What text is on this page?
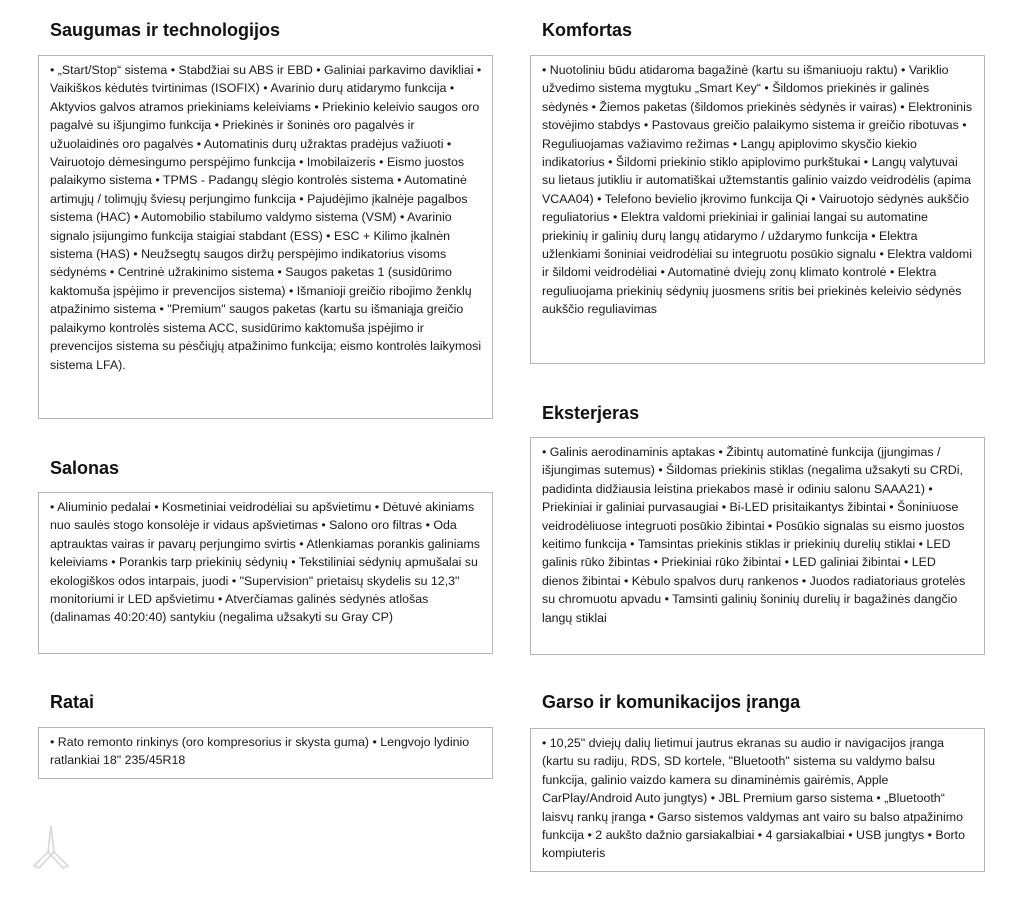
Saugumas ir technologijos
• „Start/Stop“ sistema • Stabdžiai su ABS ir EBD • Galiniai parkavimo davikliai • Vaikiškos kėdutės tvirtinimas (ISOFIX) • Avarinio durų atidarymo funkcija • Aktyvios galvos atramos priekiniams keleiviams • Priekinio keleivio saugos oro pagalvė su išjungimo funkcija • Priekinės ir šoninės oro pagalvės ir užuolaidinės oro pagalvės • Automatinis durų užraktas pradėjus važiuoti • Vairuotojo dėmesingumo perspėjimo funkcija • Imobilaizeris • Eismo juostos palaikymo sistema • TPMS - Padangų slėgio kontrolės sistema • Automatinė artimųjų / tolimųjų šviesų perjungimo funkcija • Pajudėjimo įkalnėje pagalbos sistema (HAC) • Automobilio stabilumo valdymo sistema (VSM) • Avarinio signalo įsijungimo funkcija staigiai stabdant (ESS) • ESC + Kilimo įkalnėn sistema (HAS) • Neužsegtų saugos diržų perspėjimo indikatorius visoms sėdynėms • Centrinė užrakinimo sistema • Saugos paketas 1 (susidūrimo kaktomuša įspėjimo ir prevencijos sistema) • Išmanioji greičio ribojimo ženklų atpažinimo sistema • "Premium" saugos paketas (kartu su išmaniąja greičio palaikymo kontrolės sistema ACC, susidūrimo kaktomuša įspėjimo ir prevencijos sistema su pėsčiųjų atpažinimo funkcija; eismo kontrolės laikymosi sistema LFA).
Komfortas
• Nuotoliniu būdu atidaroma bagažinė (kartu su išmaniuoju raktu) • Variklio užvedimo sistema mygtuku „Smart Key“ • Šildomos priekinės ir galinės sėdynės • Žiemos paketas (šildomos priekinės sėdynės ir vairas) • Elektroninis stovėjimo stabdys • Pastovaus greičio palaikymo sistema ir greičio ribotuvas • Reguliuojamas važiavimo režimas • Langų apiplovimo skysčio kiekio indikatorius • Šildomi priekinio stiklo apiplovimo purkštukai • Langų valytuvai su lietaus jutikliu ir automatiškai užtemstantis galinio vaizdo veidrodėlis (apima VCAA04) • Telefono bevielio įkrovimo funkcija Qi • Vairuotojo sėdynės aukščio reguliatorius • Elektra valdomi priekiniai ir galiniai langai su automatine priekinių ir galinių durų langų atidarymo / uždarymo funkcija • Elektra užlenkiami šoniniai veidrodėliai su integruotu posūkio signalu • Elektra valdomi ir šildomi veidrodėliai • Automatinė dviejų zonų klimato kontrolė • Elektra reguliuojama priekinių sėdynių juosmens sritis bei priekinės keleivio sėdynės aukščio reguliavimas
Salonas
• Aliuminio pedalai • Kosmetiniai veidrodėliai su apšvietimu • Dėtuvė akiniams nuo saulės stogo konsolėje ir vidaus apšvietimas • Salono oro filtras • Oda aptrauktas vairas ir pavarų perjungimo svirtis • Atlenkiamas porankis galiniams keleiviams • Porankis tarp priekinių sėdynių • Tekstiliniai sėdynių apmušalai su ekologiškos odos intarpais, juodi • "Supervision" prietaisų skydelis su 12,3" monitoriumi ir LED apšvietimu • Atverčiamas galinės sėdynės atlošas (dalinamas 40:20:40) santykiu (negalima užsakyti su Gray CP)
Eksterjeras
• Galinis aerodinaminis aptakas • Žibintų automatinė funkcija (įjungimas / išjungimas sutemus) • Šildomas priekinis stiklas (negalima užsakyti su CRDi, padidinta didžiausia leistina priekabos masė ir odiniu salonu SAAA21) • Priekiniai ir galiniai purvasaugiai • Bi-LED prisitaikantys žibintai • Šoniniuose veidrodėliuose integruoti posūkio žibintai • Posūkio signalas su eismo juostos keitimo funkcija • Tamsintas priekinis stiklas ir priekinių durelių stiklai • LED galinis rūko žibintas • Priekiniai rūko žibintai • LED galiniai žibintai • LED dienos žibintai • Kėbulo spalvos durų rankenos • Juodos radiatoriaus grotelės su chromuotu apvadu • Tamsinti galinių šoninių durelių ir bagažinės dangčio langų stiklai
Ratai
• Rato remonto rinkinys (oro kompresorius ir skysta guma) • Lengvojo lydinio ratlankiai 18" 235/45R18
Garso ir komunikacijos įranga
• 10,25" dviejų dalių lietimui jautrus ekranas su audio ir navigacijos įranga (kartu su radiju, RDS, SD kortele, "Bluetooth" sistema su valdymo balsu funkcija, galinio vaizdo kamera su dinaminėmis gairėmis, Apple CarPlay/Android Auto jungtys) • JBL Premium garso sistema • „Bluetooth“ laisvų rankų įranga • Garso sistemos valdymas ant vairo su balso atpažinimo funkcija • 2 aukšto dažnio garsiakalbiai • 4 garsiakalbiai • USB jungtys • Borto kompiuteris
